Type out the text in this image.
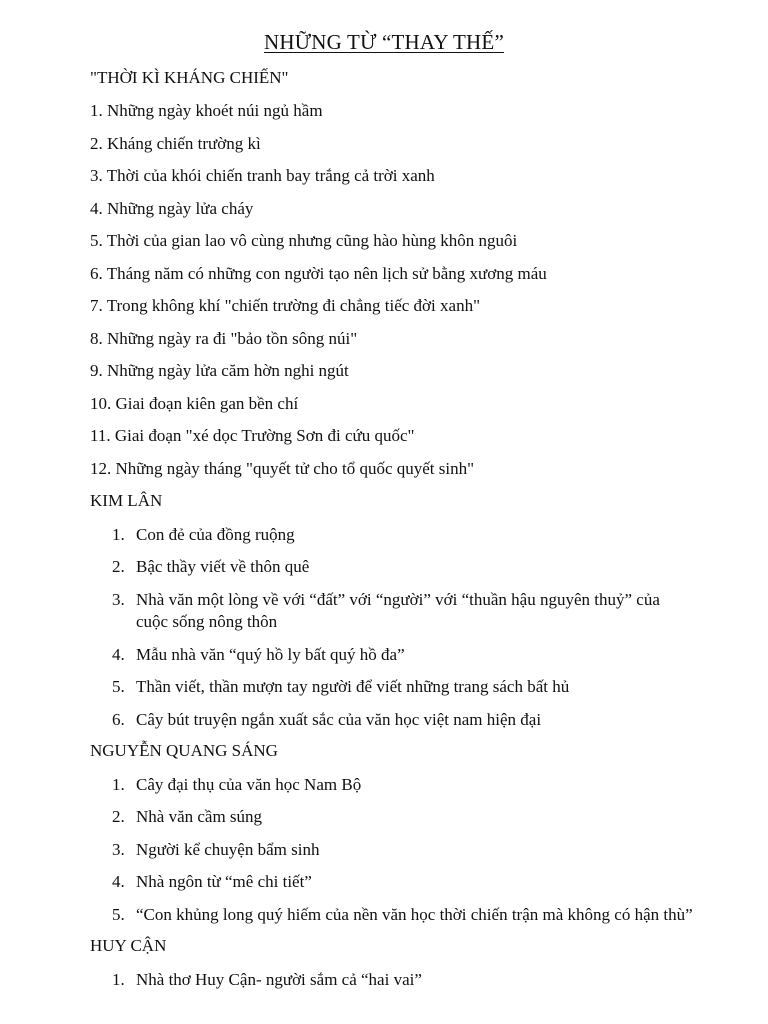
NHỮNG TỪ “THAY THẾ”
"THỜI KÌ KHÁNG CHIẾN"
1. Những ngày khoét núi ngủ hầm
2. Kháng chiến trường kì
3. Thời của khói chiến tranh bay trắng cả trời xanh
4. Những ngày lửa cháy
5. Thời của gian lao vô cùng nhưng cũng hào hùng khôn nguôi
6. Tháng năm có những con người tạo nên lịch sử bằng xương máu
7. Trong không khí "chiến trường đi chẳng tiếc đời xanh"
8. Những ngày ra đi "bảo tồn sông núi"
9. Những ngày lửa căm hờn nghi ngút
10. Giai đoạn kiên gan bền chí
11. Giai đoạn "xé dọc Trường Sơn đi cứu quốc"
12. Những ngày tháng "quyết tử cho tổ quốc quyết sinh"
KIM LÂN
1. Con đẻ của đồng ruộng
2. Bậc thầy viết về thôn quê
3. Nhà văn một lòng về với “đất” với “người” với “thuần hậu nguyên thuỷ” của cuộc sống nông thôn
4. Mẫu nhà văn “quý hồ ly bất quý hồ đa”
5. Thần viết, thần mượn tay người để viết những trang sách bất hủ
6. Cây bút truyện ngắn xuất sắc của văn học việt nam hiện đại
NGUYỄN QUANG SÁNG
1. Cây đại thụ của văn học Nam Bộ
2. Nhà văn cầm súng
3. Người kể chuyện bẩm sinh
4. Nhà ngôn từ “mê chi tiết”
5. “Con khủng long quý hiếm của nền văn học thời chiến trận mà không có hận thù”
HUY CẬN
1. Nhà thơ Huy Cận- người sắm cả “hai vai”
